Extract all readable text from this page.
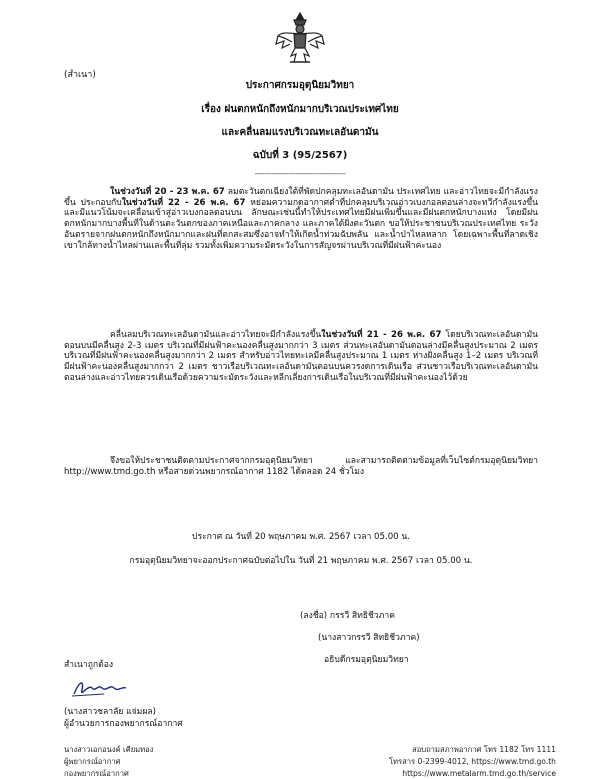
(สำเนา)
ประกาศกรมอุตุนิยมวิทยา
เรื่อง ฝนตกหนักถึงหนักมากบริเวณประเทศไทย
และคลื่นลมแรงบริเวณทะเลอันดามัน
ฉบับที่ 3 (95/2567)
--------------------------------------

ในช่วงวันที่ 20 - 23 พ.ค. 67 ลมตะวันตกเฉียงใต้ที่พัดปกคลุมทะเลอันดามัน ประเทศไทย และอ่าวไทยจะมีกำลังแรงขึ้น ประกอบกับในช่วงวันที่ 22 - 26 พ.ค. 67 หย่อมความกดอากาศต่ำที่ปกคลุมบริเวณอ่าวเบงกอลตอนล่างจะทวีกำลังแรงขึ้น และมีแนวโน้มจะเคลื่อนเข้าสู่อ่าวเบงกอลตอนบน ลักษณะเช่นนี้ทำให้ประเทศไทยมีฝนเพิ่มขึ้นและมีฝนตกหนักบางแห่ง โดยมีฝนตกหนักมากบางพื้นที่ในด้านตะวันตกของภาคเหนือและภาคกลาง และภาคใต้ฝั่งตะวันตก ขอให้ประชาชนบริเวณประเทศไทย ระวังอันตรายจากฝนตกหนักถึงหนักมากและฝนที่ตกสะสมซึ่งอาจทำให้เกิดน้ำท่วมฉับพลัน และน้ำป่าไหลหลาก โดยเฉพาะพื้นที่ลาดเชิงเขาใกล้ทางน้ำไหลผ่านและพื้นที่ลุ่ม รวมทั้งเพิ่มความระมัดระวังในการสัญจรผ่านบริเวณที่มีฝนฟ้าคะนอง

คลื่นลมบริเวณทะเลอันดามันและอ่าวไทยจะมีกำลังแรงขึ้นในช่วงวันที่ 21 - 26 พ.ค. 67 โดยบริเวณทะเลอันดามันตอนบนมีคลื่นสูง 2-3 เมตร บริเวณที่มีฝนฟ้าคะนองคลื่นสูงมากกว่า 3 เมตร ส่วนทะเลอันดามันตอนล่างมีคลื่นสูงประมาณ 2 เมตร บริเวณที่มีฝนฟ้าคะนองคลื่นสูงมากกว่า 2 เมตร สำหรับอ่าวไทยทะเลมีคลื่นสูงประมาณ 1 เมตร ห่างฝั่งคลื่นสูง 1–2 เมตร บริเวณที่มีฝนฟ้าคะนองคลื่นสูงมากกว่า 2 เมตร ชาวเรือบริเวณทะเลอันดามันตอนบนควรงดการเดินเรือ ส่วนชาวเรือบริเวณทะเลอันดามันตอนล่างและอ่าวไทยควรเดินเรือด้วยความระมัดระวังและหลีกเลี่ยงการเดินเรือในบริเวณที่มีฝนฟ้าคะนองไว้ด้วย

จึงขอให้ประชาชนติดตามประกาศจากกรมอุตุนิยมวิทยา และสามารถติดตามข้อมูลที่เว็บไซต์กรมอุตุนิยมวิทยา http://www.tmd.go.th หรือสายด่วนพยากรณ์อากาศ 1182 ได้ตลอด 24 ชั่วโมง

ประกาศ ณ วันที่ 20 พฤษภาคม พ.ศ. 2567 เวลา 05.00 น.
กรมอุตุนิยมวิทยาจะออกประกาศฉบับต่อไปใน วันที่ 21 พฤษภาคม พ.ศ. 2567 เวลา 05.00 น.
(ลงชื่อ) กรรวี สิทธิชีวภาค
(นางสาวกรรวี สิทธิชีวภาค)
อธิบดีกรมอุตุนิยมวิทยา
สำเนาถูกต้อง
(นางสาวชลาลัย แจ่มผล)
ผู้อำนวยการกองพยากรณ์อากาศ
นางสาวเอกอนงค์ เคียมทอง
ผู้พยากรณ์อากาศ
กองพยากรณ์อากาศ
สอบถามสภาพอากาศ โทร 1182 โทร 1111
โทรสาร 0-2399-4012, https://www.tmd.go.th
https://www.metalarm.tmd.go.th/service
